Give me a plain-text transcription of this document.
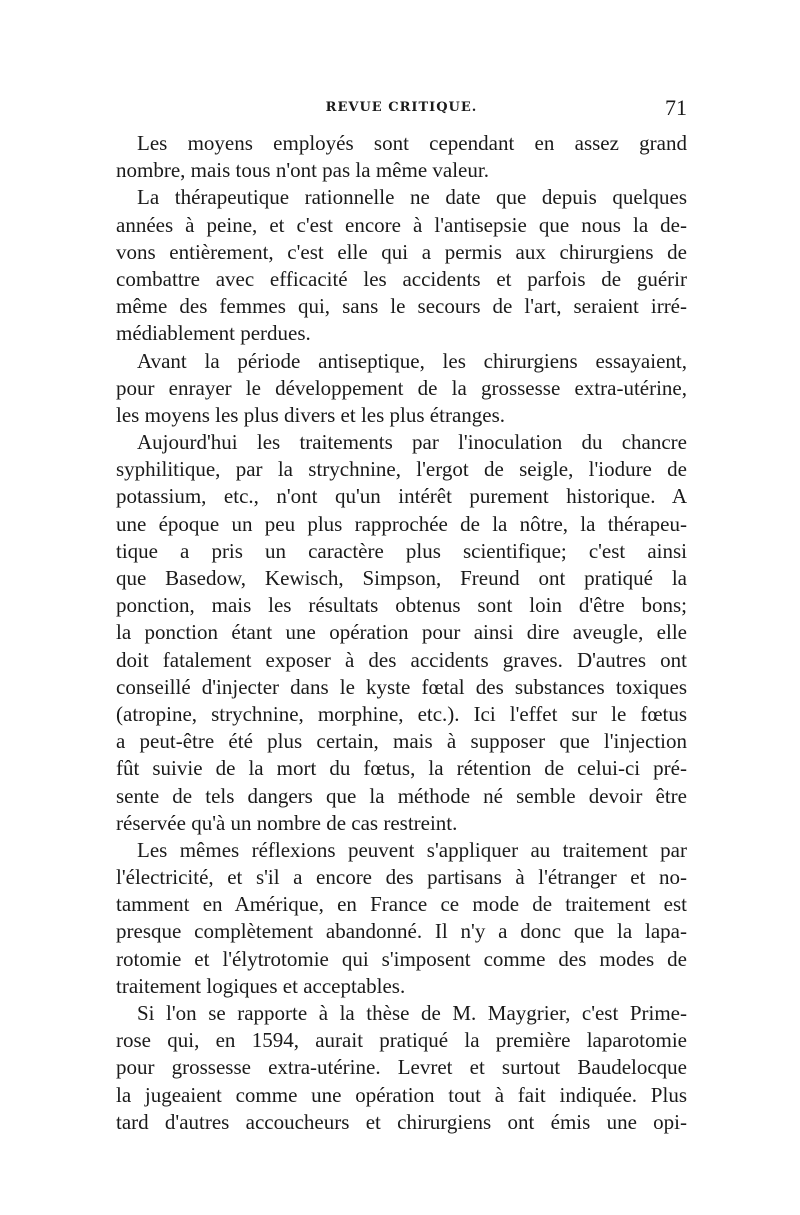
REVUE CRITIQUE.	71
Les moyens employés sont cependant en assez grand
nombre, mais tous n'ont pas la même valeur.
La thérapeutique rationnelle ne date que depuis quelques
années à peine, et c'est encore à l'antisepsie que nous la de-
vons entièrement, c'est elle qui a permis aux chirurgiens de
combattre avec efficacité les accidents et parfois de guérir
même des femmes qui, sans le secours de l'art, seraient irré-
médiablement perdues.
Avant la période antiseptique, les chirurgiens essayaient,
pour enrayer le développement de la grossesse extra-utérine,
les moyens les plus divers et les plus étranges.
Aujourd'hui les traitements par l'inoculation du chancre
syphilitique, par la strychnine, l'ergot de seigle, l'iodure de
potassium, etc., n'ont qu'un intérêt purement historique. A
une époque un peu plus rapprochée de la nôtre, la thérapeu-
tique a pris un caractère plus scientifique; c'est ainsi
que Basedow, Kewisch, Simpson, Freund ont pratiqué la
ponction, mais les résultats obtenus sont loin d'être bons;
la ponction étant une opération pour ainsi dire aveugle, elle
doit fatalement exposer à des accidents graves. D'autres ont
conseillé d'injecter dans le kyste fœtal des substances toxiques
(atropine, strychnine, morphine, etc.). Ici l'effet sur le fœtus
a peut-être été plus certain, mais à supposer que l'injection
fût suivie de la mort du fœtus, la rétention de celui-ci pré-
sente de tels dangers que la méthode né semble devoir être
réservée qu'à un nombre de cas restreint.
Les mêmes réflexions peuvent s'appliquer au traitement par
l'électricité, et s'il a encore des partisans à l'étranger et no-
tamment en Amérique, en France ce mode de traitement est
presque complètement abandonné. Il n'y a donc que la lapa-
rotomie et l'élytrotomie qui s'imposent comme des modes de
traitement logiques et acceptables.
Si l'on se rapporte à la thèse de M. Maygrier, c'est Prime-
rose qui, en 1594, aurait pratiqué la première laparotomie
pour grossesse extra-utérine. Levret et surtout Baudelocque
la jugeaient comme une opération tout à fait indiquée. Plus
tard d'autres accoucheurs et chirurgiens ont émis une opi-
